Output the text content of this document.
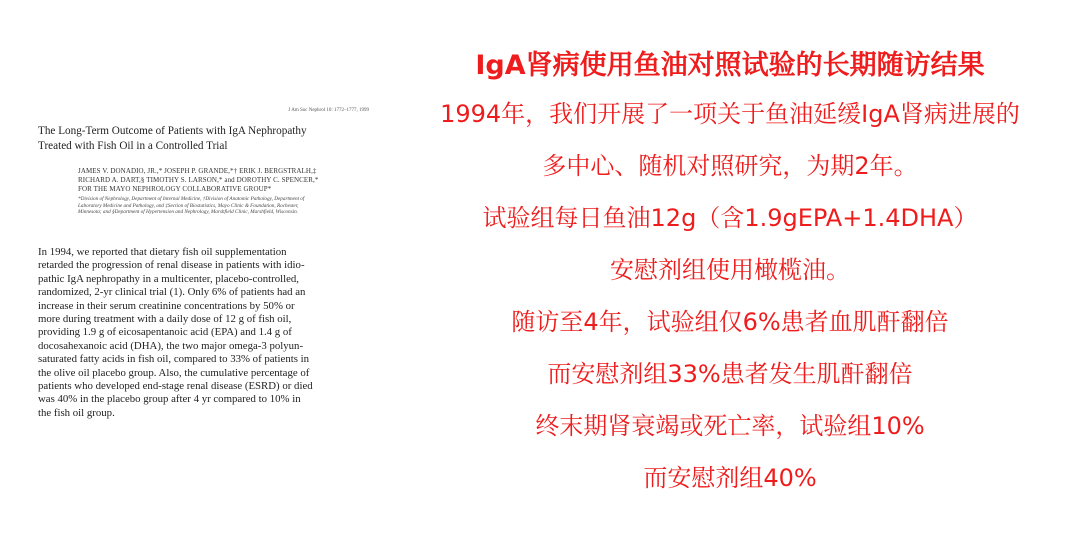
J Am Soc Nephrol 10: 1772–1777, 1999
The Long-Term Outcome of Patients with IgA Nephropathy
Treated with Fish Oil in a Controlled Trial
JAMES V. DONADIO, JR.,* JOSEPH P. GRANDE,*† ERIK J. BERGSTRALH,‡
RICHARD A. DART,§ TIMOTHY S. LARSON,* and DOROTHY C. SPENCER,*
FOR THE MAYO NEPHROLOGY COLLABORATIVE GROUP*
*Division of Nephrology, Department of Internal Medicine, †Division of Anatomic Pathology, Department of
Laboratory Medicine and Pathology, and ‡Section of Biostatistics, Mayo Clinic & Foundation, Rochester,
Minnesota; and §Department of Hypertension and Nephrology, Marshfield Clinic, Marshfield, Wisconsin.
In 1994, we reported that dietary fish oil supplementation
retarded the progression of renal disease in patients with idio-
pathic IgA nephropathy in a multicenter, placebo-controlled,
randomized, 2-yr clinical trial (1). Only 6% of patients had an
increase in their serum creatinine concentrations by 50% or
more during treatment with a daily dose of 12 g of fish oil,
providing 1.9 g of eicosapentanoic acid (EPA) and 1.4 g of
docosahexanoic acid (DHA), the two major omega-3 polyun-
saturated fatty acids in fish oil, compared to 33% of patients in
the olive oil placebo group. Also, the cumulative percentage of
patients who developed end-stage renal disease (ESRD) or died
was 40% in the placebo group after 4 yr compared to 10% in
the fish oil group.
IgA肾病使用鱼油对照试验的长期随访结果
1994年，我们开展了一项关于鱼油延缓IgA肾病进展的
多中心、随机对照研究，为期2年。
试验组每日鱼油12g（含1.9gEPA+1.4DHA）
安慰剂组使用橄榄油。
随访至4年，试验组仅6%患者血肌酐翻倍
而安慰剂组33%患者发生肌酐翻倍
终末期肾衰竭或死亡率，试验组10%
而安慰剂组40%
